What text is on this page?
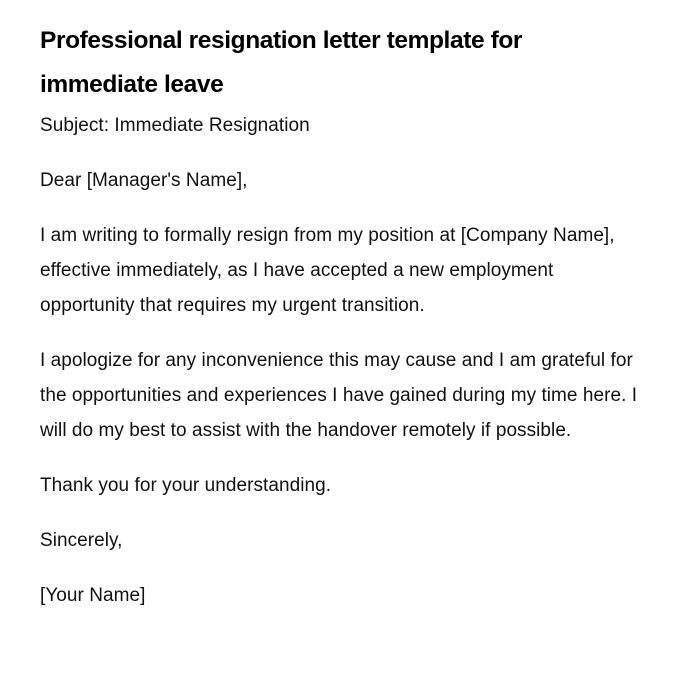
Professional resignation letter template for immediate leave

Subject: Immediate Resignation

Dear [Manager's Name],

I am writing to formally resign from my position at [Company Name], effective immediately, as I have accepted a new employment opportunity that requires my urgent transition.

I apologize for any inconvenience this may cause and I am grateful for the opportunities and experiences I have gained during my time here. I will do my best to assist with the handover remotely if possible.

Thank you for your understanding.

Sincerely,

[Your Name]
